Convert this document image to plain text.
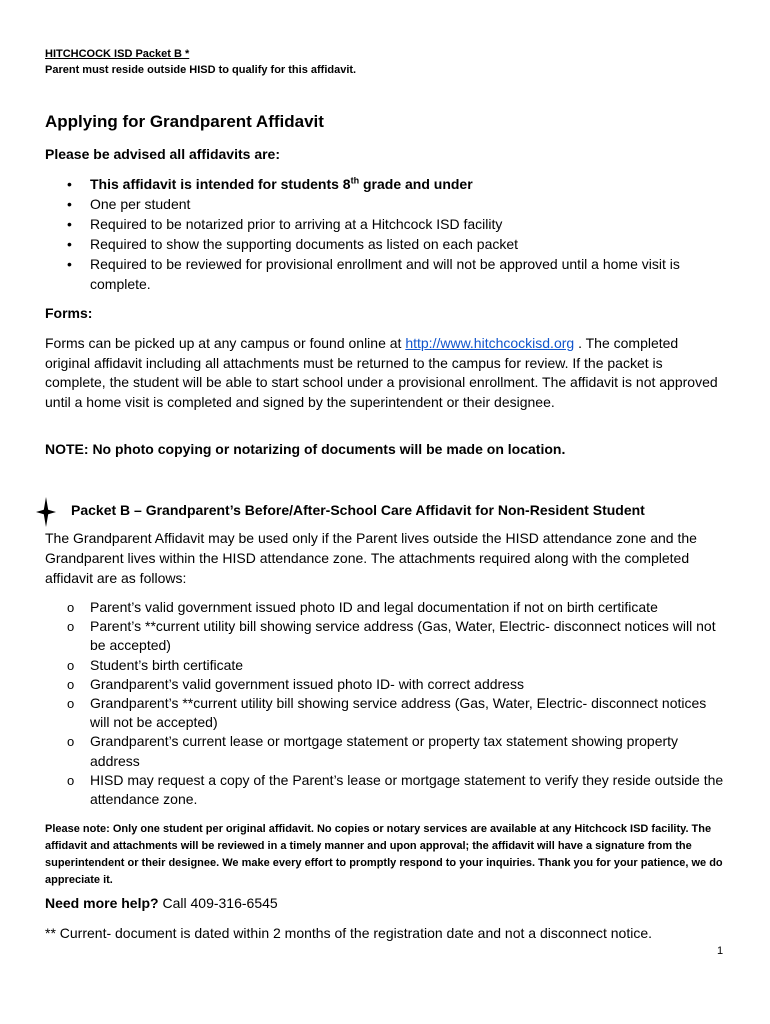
HITCHCOCK ISD Packet B *
Parent must reside outside HISD to qualify for this affidavit.
Applying for Grandparent Affidavit
Please be advised all affidavits are:
• This affidavit is intended for students 8th grade and under
• One per student
• Required to be notarized prior to arriving at a Hitchcock ISD facility
• Required to show the supporting documents as listed on each packet
• Required to be reviewed for provisional enrollment and will not be approved until a home visit is complete.
Forms:

Forms can be picked up at any campus or found online at http://www.hitchcockisd.org . The completed original affidavit including all attachments must be returned to the campus for review. If the packet is complete, the student will be able to start school under a provisional enrollment. The affidavit is not approved until a home visit is completed and signed by the superintendent or their designee.

NOTE: No photo copying or notarizing of documents will be made on location.
Packet B – Grandparent’s Before/After-School Care Affidavit for Non-Resident Student

The Grandparent Affidavit may be used only if the Parent lives outside the HISD attendance zone and the Grandparent lives within the HISD attendance zone. The attachments required along with the completed affidavit are as follows:

o Parent’s valid government issued photo ID and legal documentation if not on birth certificate
o Parent’s **current utility bill showing service address (Gas, Water, Electric- disconnect notices will not be accepted)
o Student’s birth certificate
o Grandparent’s valid government issued photo ID- with correct address
o Grandparent’s **current utility bill showing service address (Gas, Water, Electric- disconnect notices will not be accepted)
o Grandparent’s current lease or mortgage statement or property tax statement showing property address
o HISD may request a copy of the Parent’s lease or mortgage statement to verify they reside outside the attendance zone.

Please note: Only one student per original affidavit. No copies or notary services are available at any Hitchcock ISD facility. The affidavit and attachments will be reviewed in a timely manner and upon approval; the affidavit will have a signature from the superintendent or their designee. We make every effort to promptly respond to your inquiries. Thank you for your patience, we do appreciate it.

Need more help? Call 409-316-6545
** Current- document is dated within 2 months of the registration date and not a disconnect notice.
1
